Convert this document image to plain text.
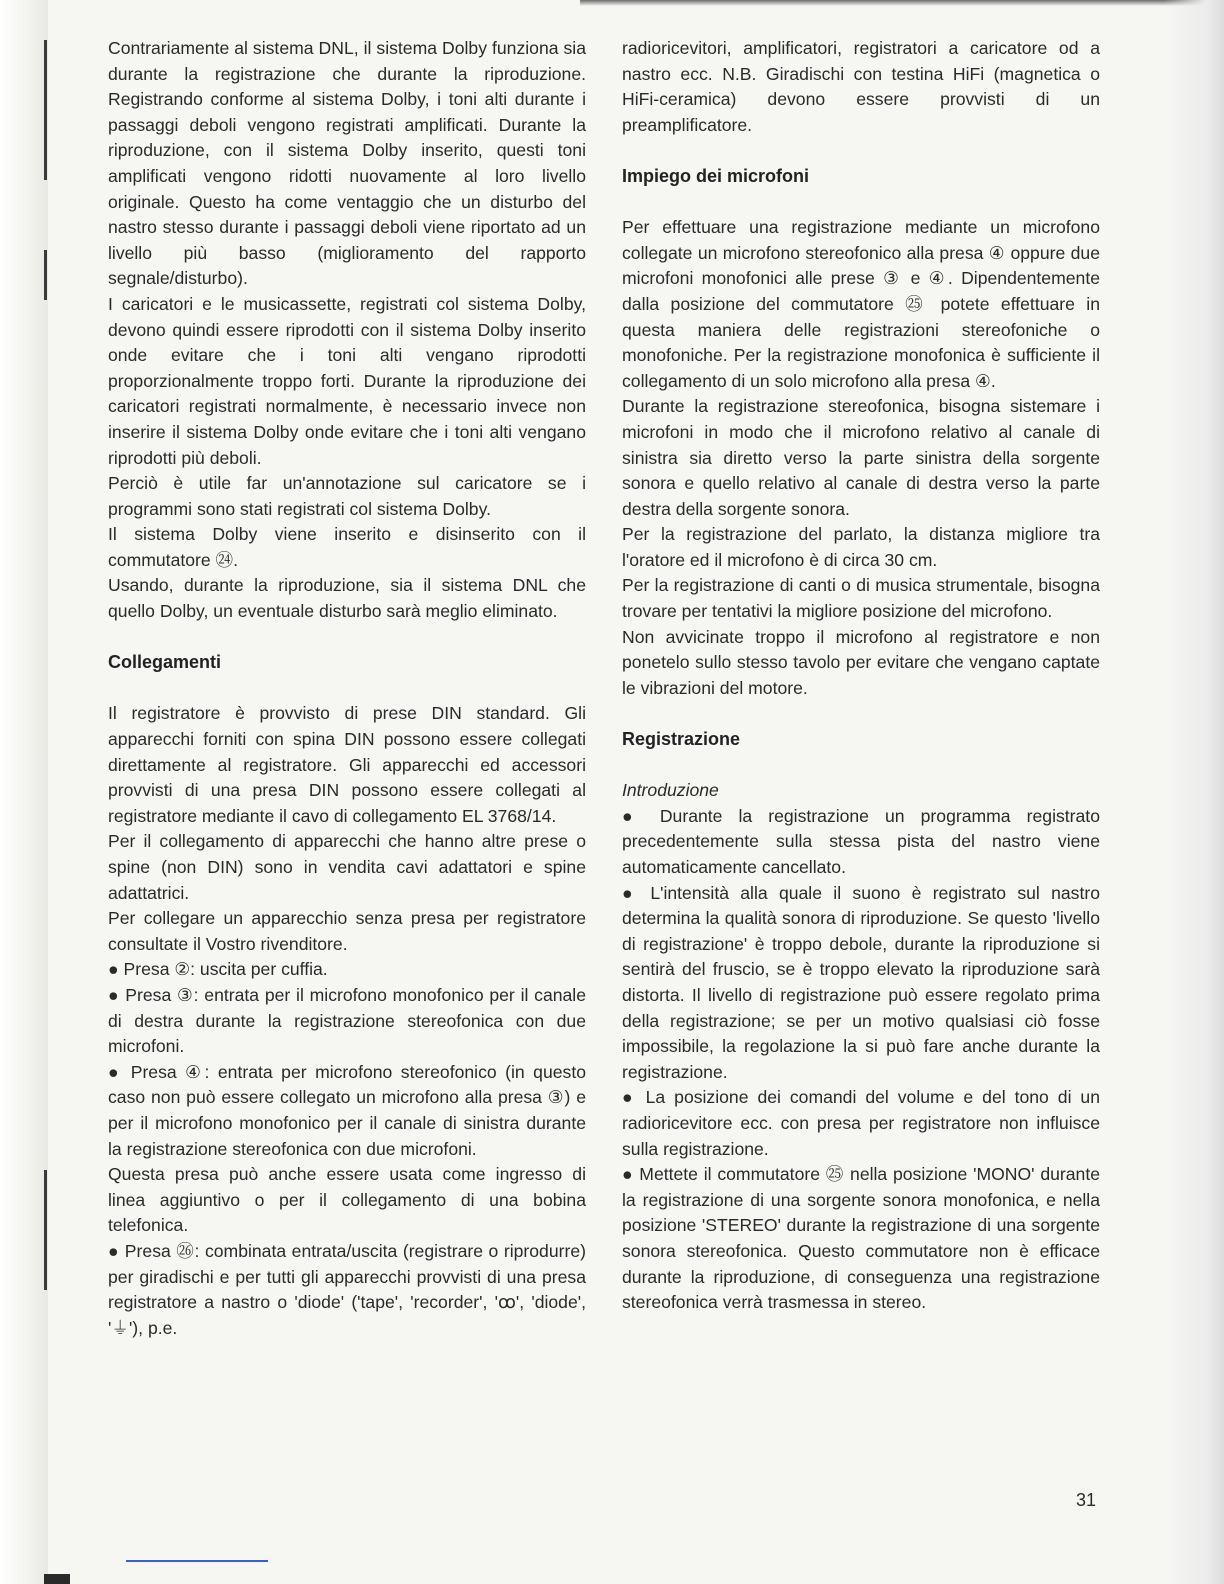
Contrariamente al sistema DNL, il sistema Dolby funziona sia durante la registrazione che durante la riproduzione. Registrando conforme al sistema Dolby, i toni alti durante i passaggi deboli vengono registrati amplificati. Durante la riproduzione, con il sistema Dolby inserito, questi toni amplificati vengono ridotti nuovamente al loro livello originale. Questo ha come ventaggio che un disturbo del nastro stesso durante i passaggi deboli viene riportato ad un livello più basso (miglioramento del rapporto segnale/disturbo).

I caricatori e le musicassette, registrati col sistema Dolby, devono quindi essere riprodotti con il sistema Dolby inserito onde evitare che i toni alti vengano riprodotti proporzionalmente troppo forti. Durante la riproduzione dei caricatori registrati normalmente, è necessario invece non inserire il sistema Dolby onde evitare che i toni alti vengano riprodotti più deboli.

Perciò è utile far un'annotazione sul caricatore se i programmi sono stati registrati col sistema Dolby.

Il sistema Dolby viene inserito e disinserito con il commutatore ㉔.

Usando, durante la riproduzione, sia il sistema DNL che quello Dolby, un eventuale disturbo sarà meglio eliminato.

Collegamenti

Il registratore è provvisto di prese DIN standard. Gli apparecchi forniti con spina DIN possono essere collegati direttamente al registratore. Gli apparecchi ed accessori provvisti di una presa DIN possono essere collegati al registratore mediante il cavo di collegamento EL 3768/14.

Per il collegamento di apparecchi che hanno altre prese o spine (non DIN) sono in vendita cavi adattatori e spine adattatrici.

Per collegare un apparecchio senza presa per registratore consultate il Vostro rivenditore.

● Presa ②: uscita per cuffia.

● Presa ③: entrata per il microfono monofonico per il canale di destra durante la registrazione stereofonica con due microfoni.

● Presa ④: entrata per microfono stereofonico (in questo caso non può essere collegato un microfono alla presa ③) e per il microfono monofonico per il canale di sinistra durante la registrazione stereofonica con due microfoni.

Questa presa può anche essere usata come ingresso di linea aggiuntivo o per il collegamento di una bobina telefonica.

● Presa ㉖: combinata entrata/uscita (registrare o riprodurre) per giradischi e per tutti gli apparecchi provvisti di una presa registratore a nastro o 'diode' ('tape', 'recorder', 'ꝏ', 'diode', '⏚'), p.e.

radioricevitori, amplificatori, registratori a caricatore od a nastro ecc. N.B. Giradischi con testina HiFi (magnetica o HiFi-ceramica) devono essere provvisti di un preamplificatore.

Impiego dei microfoni

Per effettuare una registrazione mediante un microfono collegate un microfono stereofonico alla presa ④ oppure due microfoni monofonici alle prese ③ e ④. Dipendentemente dalla posizione del commutatore ㉕ potete effettuare in questa maniera delle registrazioni stereofoniche o monofoniche. Per la registrazione monofonica è sufficiente il collegamento di un solo microfono alla presa ④.

Durante la registrazione stereofonica, bisogna sistemare i microfoni in modo che il microfono relativo al canale di sinistra sia diretto verso la parte sinistra della sorgente sonora e quello relativo al canale di destra verso la parte destra della sorgente sonora.

Per la registrazione del parlato, la distanza migliore tra l'oratore ed il microfono è di circa 30 cm.

Per la registrazione di canti o di musica strumentale, bisogna trovare per tentativi la migliore posizione del microfono.

Non avvicinate troppo il microfono al registratore e non ponetelo sullo stesso tavolo per evitare che vengano captate le vibrazioni del motore.

Registrazione

Introduzione

● Durante la registrazione un programma registrato precedentemente sulla stessa pista del nastro viene automaticamente cancellato.

● L'intensità alla quale il suono è registrato sul nastro determina la qualità sonora di riproduzione. Se questo 'livello di registrazione' è troppo debole, durante la riproduzione si sentirà del fruscio, se è troppo elevato la riproduzione sarà distorta. Il livello di registrazione può essere regolato prima della registrazione; se per un motivo qualsiasi ciò fosse impossibile, la regolazione la si può fare anche durante la registrazione.

● La posizione dei comandi del volume e del tono di un radioricevitore ecc. con presa per registratore non influisce sulla registrazione.

● Mettete il commutatore ㉕ nella posizione 'MONO' durante la registrazione di una sorgente sonora monofonica, e nella posizione 'STEREO' durante la registrazione di una sorgente sonora stereofonica. Questo commutatore non è efficace durante la riproduzione, di conseguenza una registrazione stereofonica verrà trasmessa in stereo.

31
